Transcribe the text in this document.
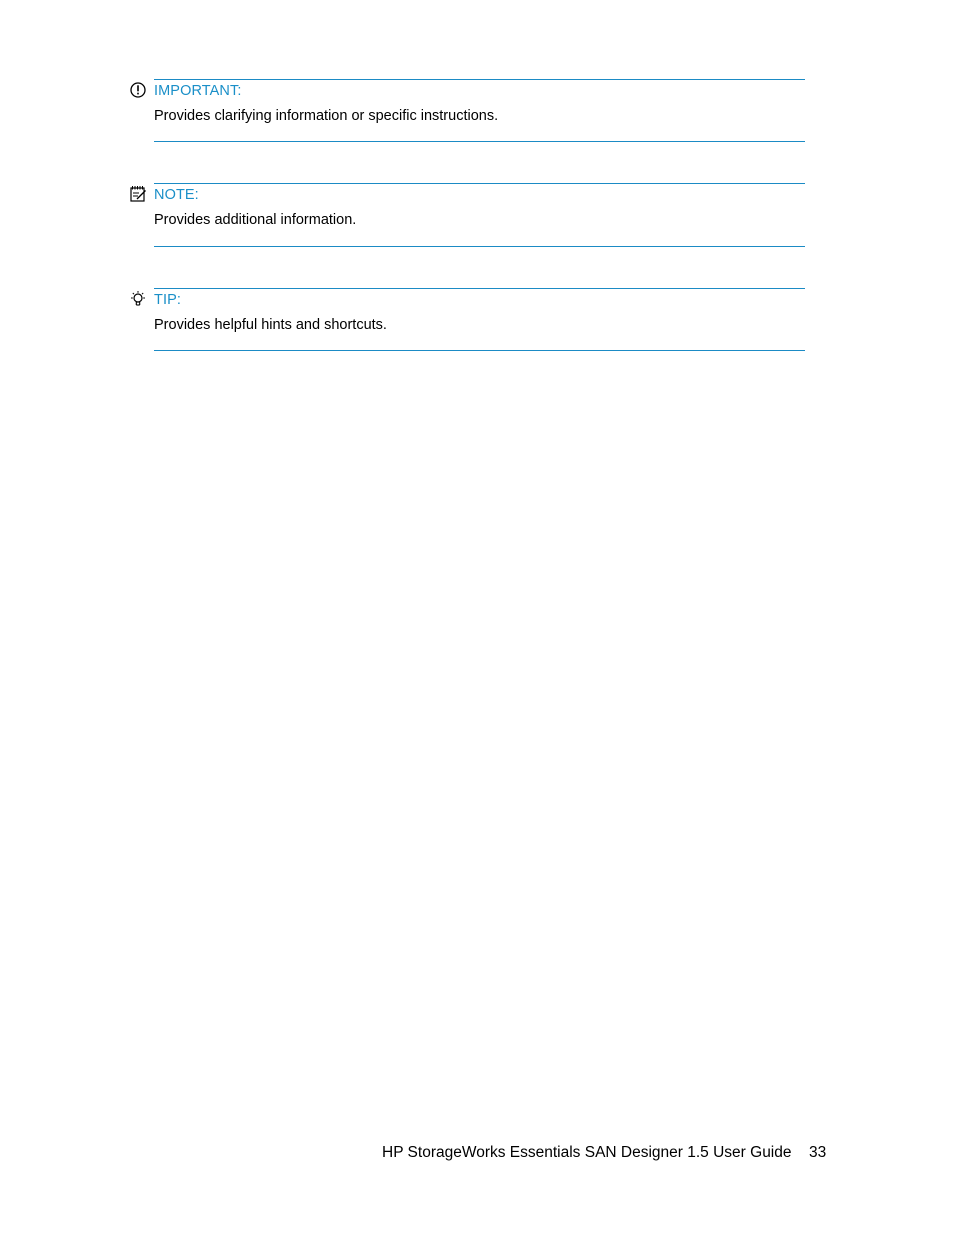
IMPORTANT:
Provides clarifying information or specific instructions.
NOTE:
Provides additional information.
TIP:
Provides helpful hints and shortcuts.
HP StorageWorks Essentials SAN Designer 1.5 User Guide 33
